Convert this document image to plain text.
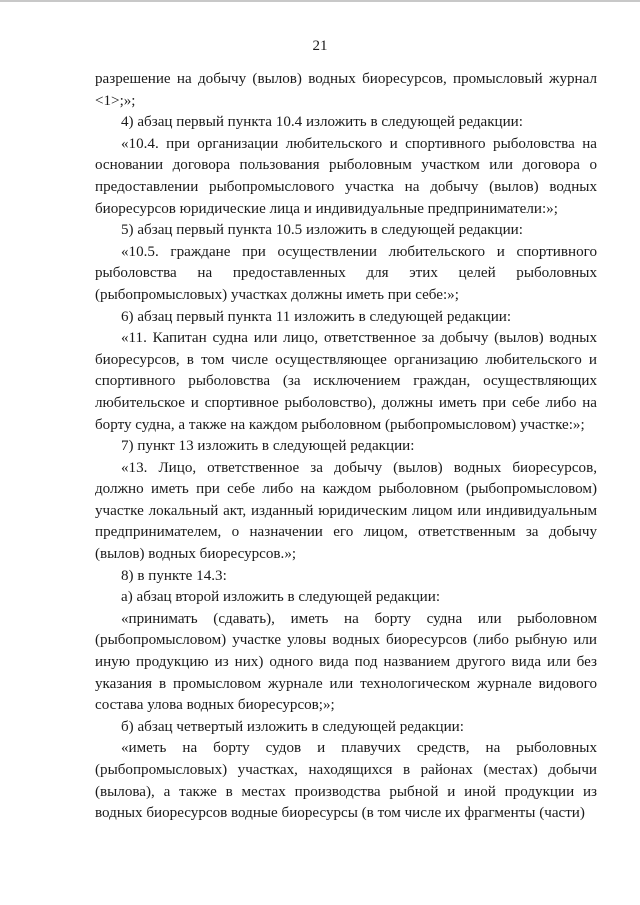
21

разрешение на добычу (вылов) водных биоресурсов, промысловый журнал <1>;»;

4) абзац первый пункта 10.4 изложить в следующей редакции:

«10.4. при организации любительского и спортивного рыболовства на основании договора пользования рыболовным участком или договора о предоставлении рыбопромыслового участка на добычу (вылов) водных биоресурсов юридические лица и индивидуальные предприниматели:»;

5) абзац первый пункта 10.5 изложить в следующей редакции:

«10.5. граждане при осуществлении любительского и спортивного рыболовства на предоставленных для этих целей рыболовных (рыбопромысловых) участках должны иметь при себе:»;

6) абзац первый пункта 11 изложить в следующей редакции:

«11. Капитан судна или лицо, ответственное за добычу (вылов) водных биоресурсов, в том числе осуществляющее организацию любительского и спортивного рыболовства (за исключением граждан, осуществляющих любительское и спортивное рыболовство), должны иметь при себе либо на борту судна, а также на каждом рыболовном (рыбопромысловом) участке:»;

7) пункт 13 изложить в следующей редакции:

«13. Лицо, ответственное за добычу (вылов) водных биоресурсов, должно иметь при себе либо на каждом рыболовном (рыбопромысловом) участке локальный акт, изданный юридическим лицом или индивидуальным предпринимателем, о назначении его лицом, ответственным за добычу (вылов) водных биоресурсов.»;

8) в пункте 14.3:

а) абзац второй изложить в следующей редакции:

«принимать (сдавать), иметь на борту судна или рыболовном (рыбопромысловом) участке уловы водных биоресурсов (либо рыбную или иную продукцию из них) одного вида под названием другого вида или без указания в промысловом журнале или технологическом журнале видового состава улова водных биоресурсов;»;

б) абзац четвертый изложить в следующей редакции:

«иметь на борту судов и плавучих средств, на рыболовных (рыбопромысловых) участках, находящихся в районах (местах) добычи (вылова), а также в местах производства рыбной и иной продукции из водных биоресурсов водные биоресурсы (в том числе их фрагменты (части)
